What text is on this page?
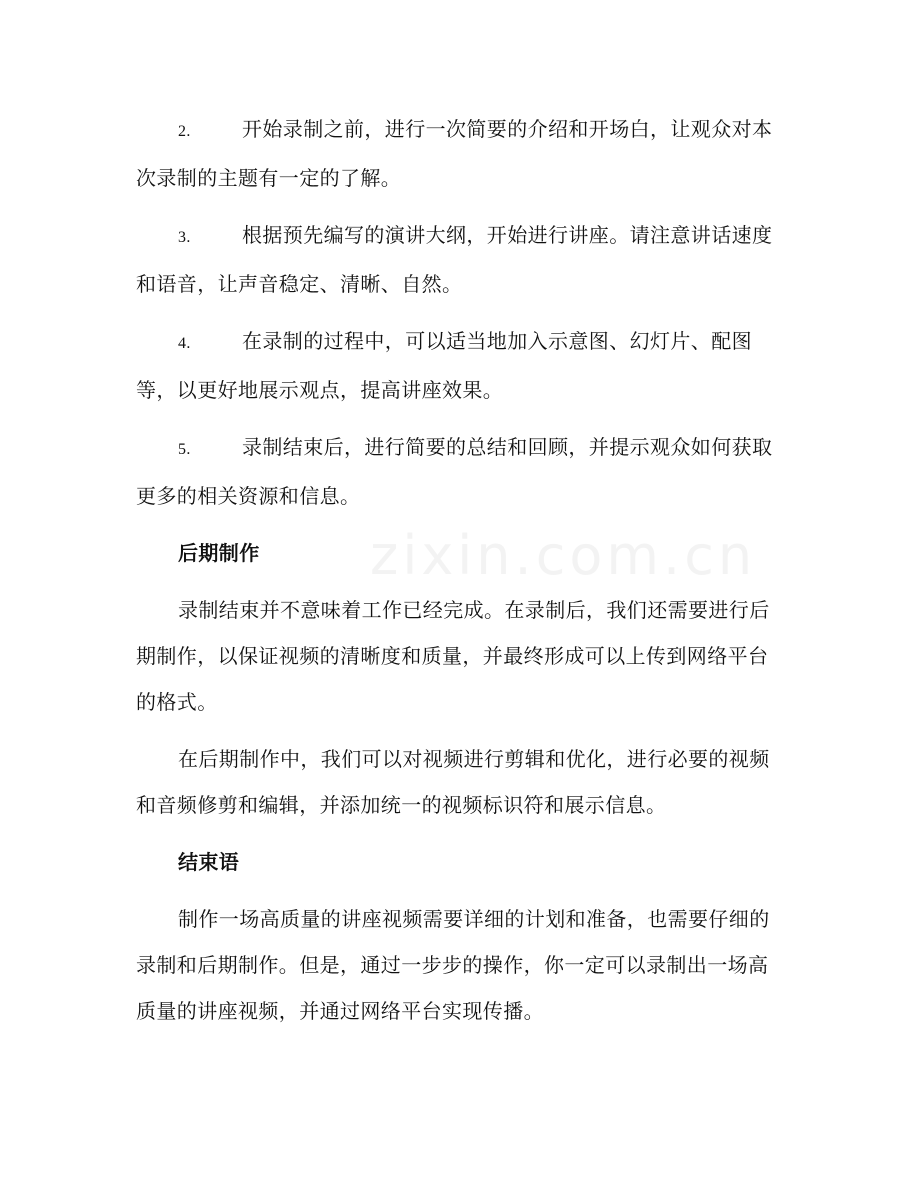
zixin.com.cn

2.	开始录制之前，进行一次简要的介绍和开场白，让观众对本次录制的主题有一定的了解。

3.	根据预先编写的演讲大纲，开始进行讲座。请注意讲话速度和语音，让声音稳定、清晰、自然。

4.	在录制的过程中，可以适当地加入示意图、幻灯片、配图等，以更好地展示观点，提高讲座效果。

5.	录制结束后，进行简要的总结和回顾，并提示观众如何获取更多的相关资源和信息。

后期制作

录制结束并不意味着工作已经完成。在录制后，我们还需要进行后期制作，以保证视频的清晰度和质量，并最终形成可以上传到网络平台的格式。

在后期制作中，我们可以对视频进行剪辑和优化，进行必要的视频和音频修剪和编辑，并添加统一的视频标识符和展示信息。

结束语

制作一场高质量的讲座视频需要详细的计划和准备，也需要仔细的录制和后期制作。但是，通过一步步的操作，你一定可以录制出一场高质量的讲座视频，并通过网络平台实现传播。
